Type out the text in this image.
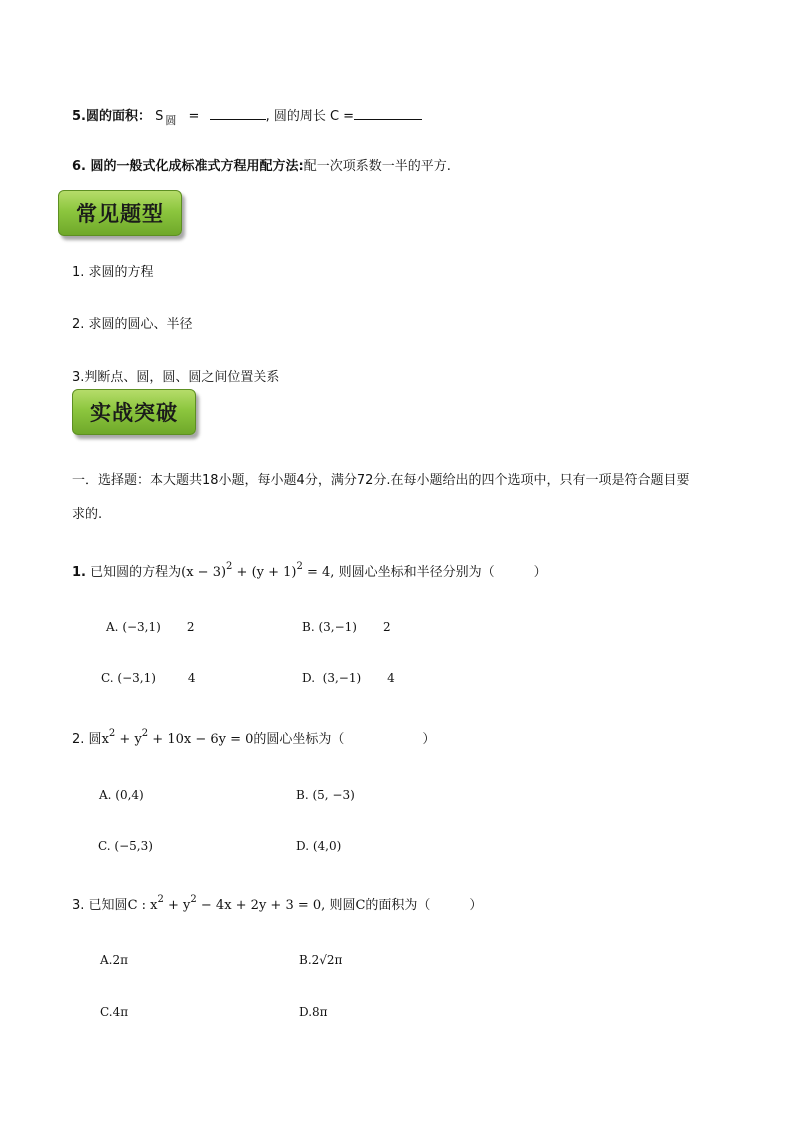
5.圆的面积： S $_圆$ =	, 圆的周长 C =
6. 圆的一般式化成标准式方程用配方法:配一次项系数一半的平方.
常见题型
1. 求圆的方程
2. 求圆的圆心、半径
3.判断点、圆，圆、圆之间位置关系
实战突破
一．选择题：本大题共18小题，每小题4分，满分72分.在每小题给出的四个选项中，只有一项是符合题目要
求的.
1. 已知圆的方程为$(x - 3)^2 + (y + 1)^2 = 4$, 则圆心坐标和半径分别为（　　　）
A. (−3,1) 2	B. (3,−1) 2
C. (−3,1)	4	D. (3,−1) 4
2. 圆$x^2 + y^2 + 10x - 6y = 0$的圆心坐标为（　　　　　　）
A. (0,4)	B. (5, −3)
C. (−5,3)	D. (4,0)
3. 已知圆C : $x^2 + y^2 - 4x + 2y + 3 = 0$, 则圆C的面积为（　　　）
A.2π	B.2√2π
C.4π	D.8π
